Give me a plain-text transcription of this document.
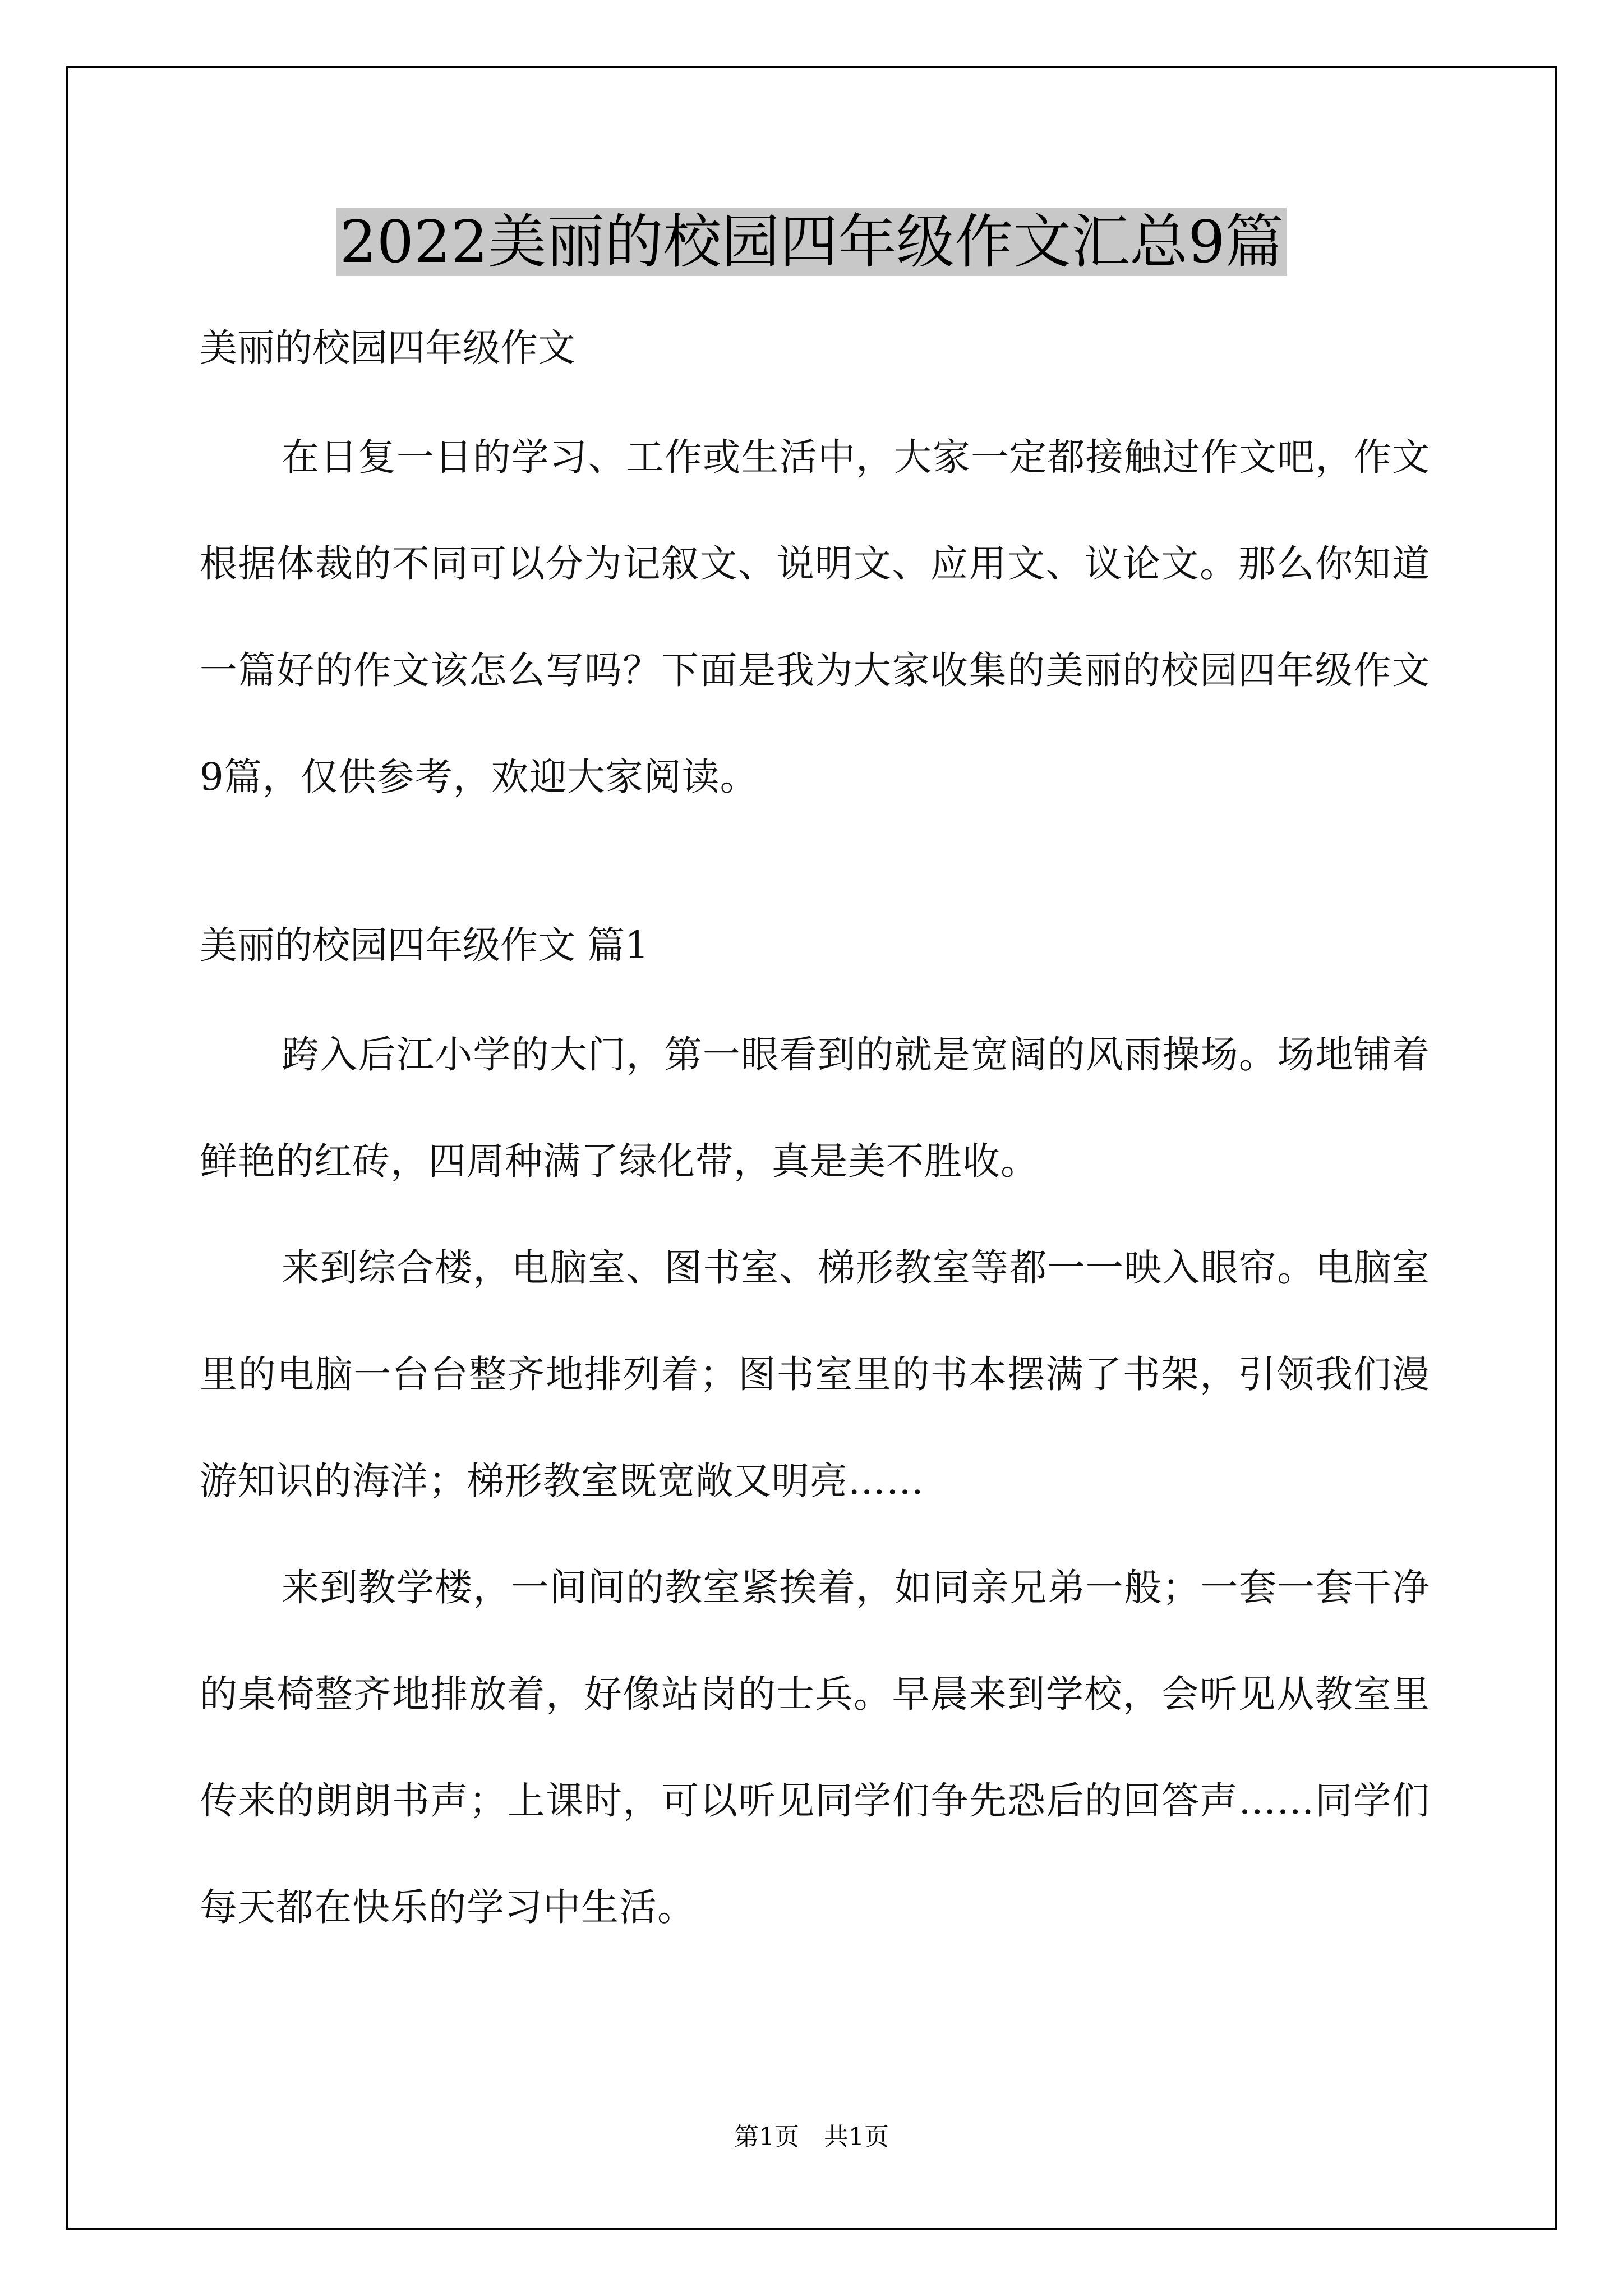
2022美丽的校园四年级作文汇总9篇
美丽的校园四年级作文

在日复一日的学习、工作或生活中，大家一定都接触过作文吧，作文根据体裁的不同可以分为记叙文、说明文、应用文、议论文。那么你知道一篇好的作文该怎么写吗？下面是我为大家收集的美丽的校园四年级作文9篇，仅供参考，欢迎大家阅读。

美丽的校园四年级作文 篇1

跨入后江小学的大门，第一眼看到的就是宽阔的风雨操场。场地铺着鲜艳的红砖，四周种满了绿化带，真是美不胜收。

来到综合楼，电脑室、图书室、梯形教室等都一一映入眼帘。电脑室里的电脑一台台整齐地排列着；图书室里的书本摆满了书架，引领我们漫游知识的海洋；梯形教室既宽敞又明亮……

来到教学楼，一间间的教室紧挨着，如同亲兄弟一般；一套一套干净的桌椅整齐地排放着，好像站岗的士兵。早晨来到学校，会听见从教室里传来的朗朗书声；上课时，可以听见同学们争先恐后的回答声……同学们每天都在快乐的学习中生活。

第1页　共1页
